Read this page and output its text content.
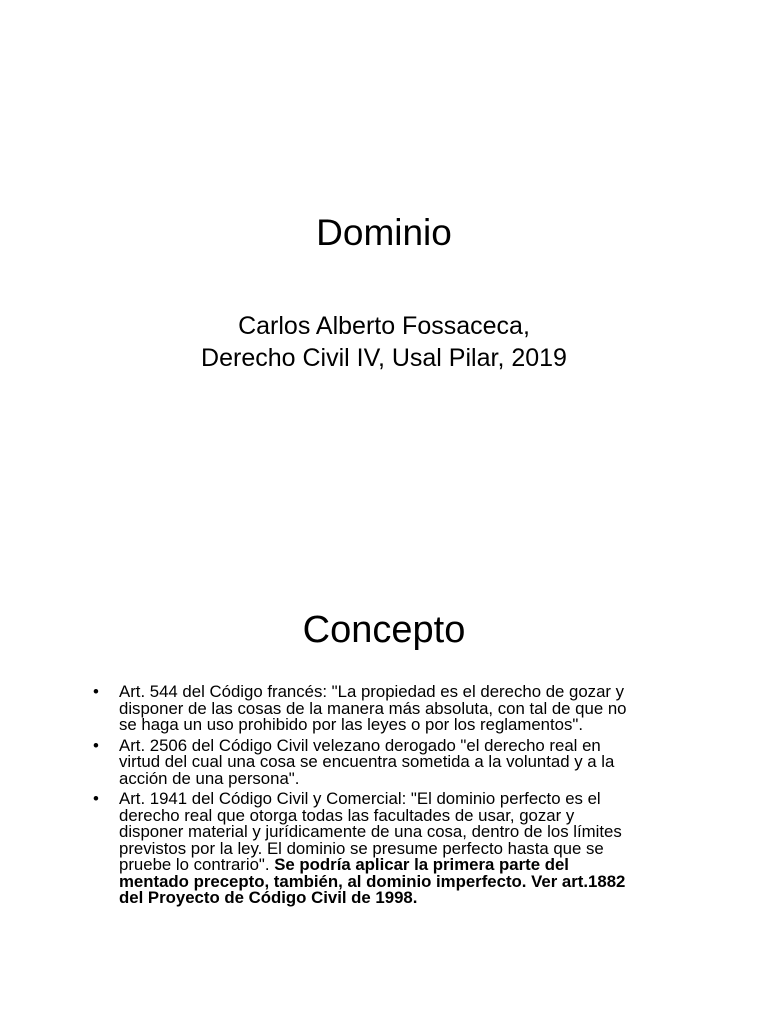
Dominio
Carlos Alberto Fossaceca,
Derecho Civil IV, Usal Pilar, 2019
Concepto
• Art. 544 del Código francés: "La propiedad es el derecho de gozar y
disponer de las cosas de la manera más absoluta, con tal de que no
se haga un uso prohibido por las leyes o por los reglamentos".
• Art. 2506 del Código Civil velezano derogado "el derecho real en
virtud del cual una cosa se encuentra sometida a la voluntad y a la
acción de una persona".
• Art. 1941 del Código Civil y Comercial: "El dominio perfecto es el
derecho real que otorga todas las facultades de usar, gozar y
disponer material y jurídicamente de una cosa, dentro de los límites
previstos por la ley. El dominio se presume perfecto hasta que se
pruebe lo contrario". Se podría aplicar la primera parte del
mentado precepto, también, al dominio imperfecto. Ver art.1882
del Proyecto de Código Civil de 1998.
